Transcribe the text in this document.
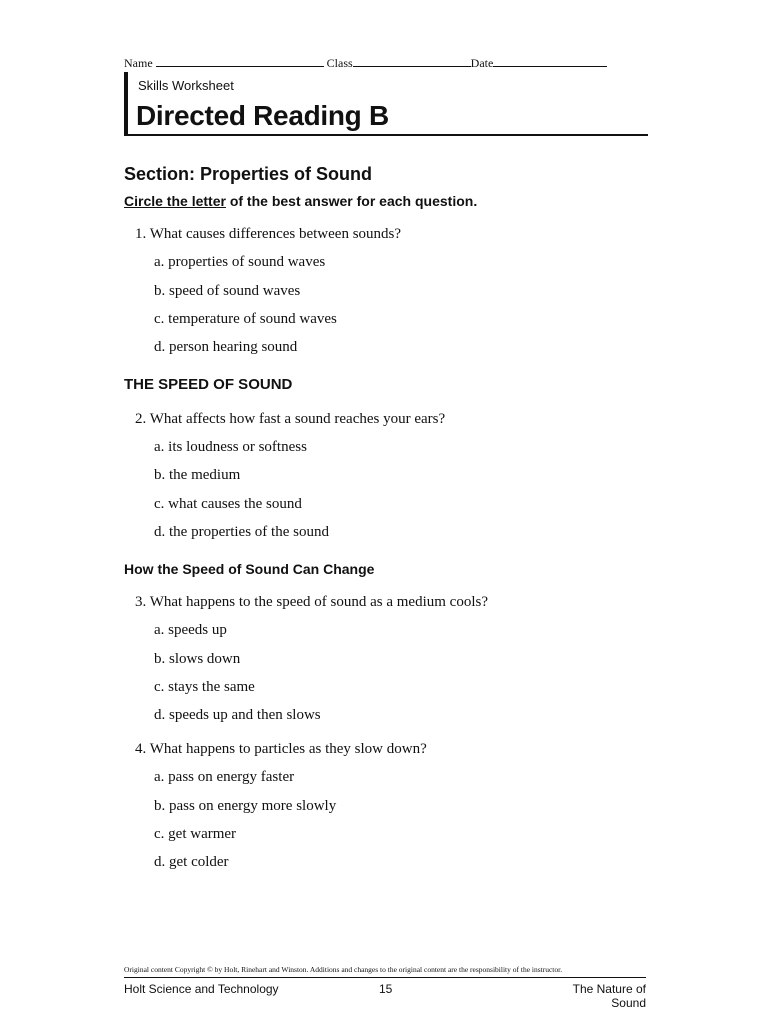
Name	Class	Date
Skills Worksheet
Directed Reading B
Section: Properties of Sound
Circle the letter of the best answer for each question.
1. What causes differences between sounds?
a. properties of sound waves
b. speed of sound waves
c. temperature of sound waves
d. person hearing sound
THE SPEED OF SOUND
2. What affects how fast a sound reaches your ears?
a. its loudness or softness
b. the medium
c. what causes the sound
d. the properties of the sound
How the Speed of Sound Can Change
3. What happens to the speed of sound as a medium cools?
a. speeds up
b. slows down
c. stays the same
d. speeds up and then slows
4. What happens to particles as they slow down?
a. pass on energy faster
b. pass on energy more slowly
c. get warmer
d. get colder
Original content Copyright © by Holt, Rinehart and Winston. Additions and changes to the original content are the responsibility of the instructor.
Holt Science and Technology	15	The Nature of Sound
